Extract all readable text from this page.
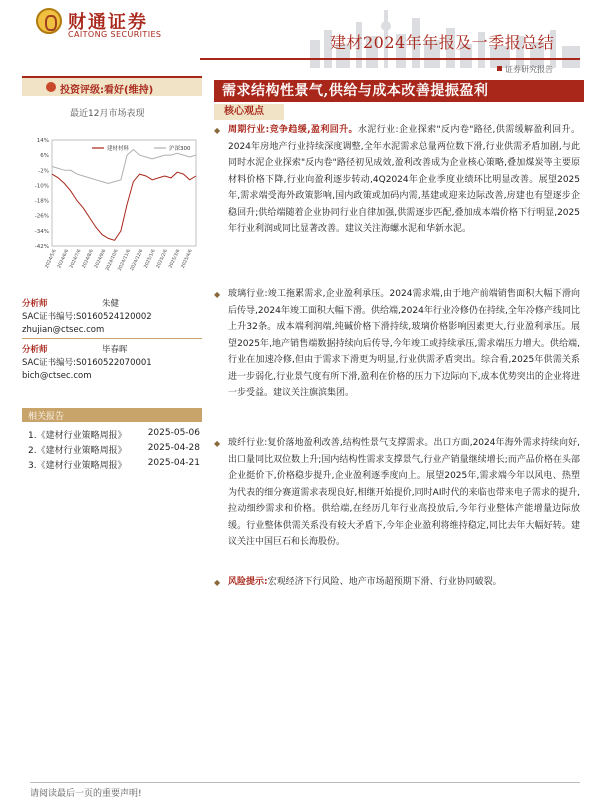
财通证券
CAITONG SECURITIES	建材2024年年报及一季报总结
证券研究报告
投资评级:看好(维持)
最近12月市场表现
建材材料	沪深300
14%
6%
-2%
-10%
-18%
-26%
-34%
-42%
2024/5/6 2024/6/6 2024/7/6 2024/8/6 2024/9/6
2024/10/6
2024/11/6
2024/12/6 2025/1/6 2025/2/6 2025/3/6 2025/4/6
分析师	朱健
SAC证书编号:S0160524120002
zhujian@ctsec.com
分析师	毕春晖
SAC证书编号:S0160522070001
bich@ctsec.com
相关报告
1.《建材行业策略周报》 2025-05-06
2.《建材行业策略周报》 2025-04-28
3.《建材行业策略周报》 2025-04-21
需求结构性景气,供给与成本改善提振盈利
核心观点
◆ 周期行业:竞争趋缓,盈利回升。水泥行业:企业探索"反内卷"路径,供需缓解盈利回升。2024年房地产行业持续深度调整,全年水泥需求总量两位数下滑,行业供需矛盾加剧,与此同时水泥企业探索"反内卷"路径初见成效,盈利改善成为企业核心策略,叠加煤炭等主要原材料价格下降,行业向盈利逐步转动,4Q2024年企业季度业绩环比明显改善。展望2025年,需求端受海外政策影响,国内政策或加码内需,基建或迎来边际改善,房建也有望逐步企稳回升;供给端随着企业协同行业自律加强,供需逐步匹配,叠加成本端价格下行明显,2025年行业利润或同比显著改善。建议关注海螺水泥和华新水泥。
◆ 玻璃行业:竣工拖累需求,企业盈利承压。2024需求端,由于地产前端销售面积大幅下滑向后传导,2024年竣工面积大幅下滑。供给端,2024年行业冷修仍在持续,全年冷修产线同比上升32条。成本端利润端,纯碱价格下滑持续,玻璃价格影响因素更大,行业盈利承压。展望2025年,地产销售端数据持续向后传导,今年竣工或持续承压,需求端压力增大。供给端,行业在加速冷修,但由于需求下滑更为明显,行业供需矛盾突出。综合看,2025年供需关系进一步弱化,行业景气度有所下滑,盈利在价格的压力下边际向下,成本优势突出的企业将进一步受益。建议关注旗滨集团。
◆ 玻纤行业:复价落地盈利改善,结构性景气支撑需求。出口方面,2024年海外需求持续向好,出口量同比双位数上升;国内结构性需求支撑景气,行业产销量继续增长;而产品价格在头部企业挺价下,价格稳步提升,企业盈利逐季度向上。展望2025年,需求端今年以风电、热塑为代表的细分赛道需求表现良好,相继开始提价,同时AI时代的来临也带来电子需求的提升,拉动细纱需求和价格。供给端,在经历几年行业高投放后,今年行业整体产能增量边际放缓。行业整体供需关系没有较大矛盾下,今年企业盈利将维持稳定,同比去年大幅好转。建议关注中国巨石和长海股份。
◆ 风险提示:宏观经济下行风险、地产市场超预期下滑、行业协同破裂。
请阅读最后一页的重要声明!
